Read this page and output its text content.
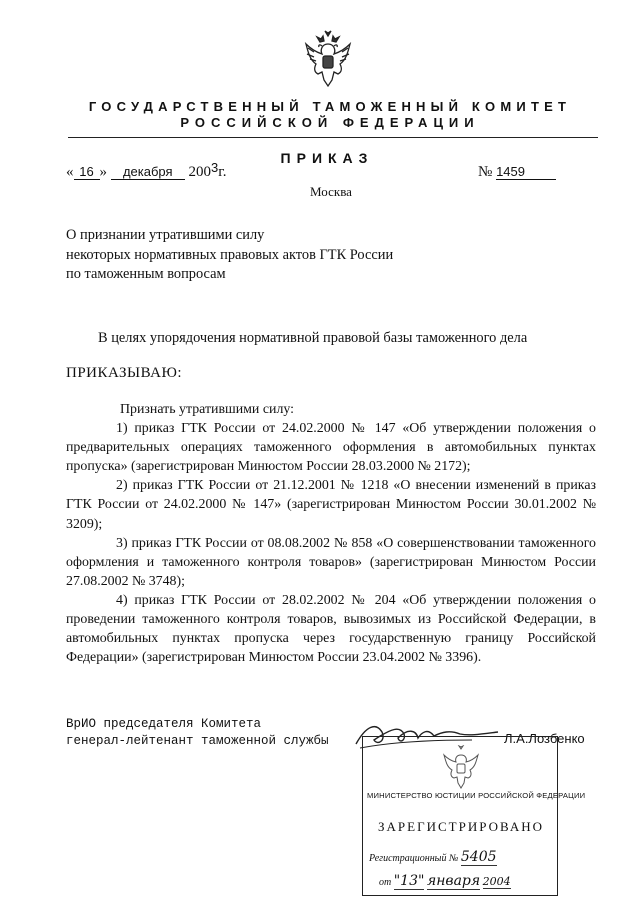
ГОСУДАРСТВЕННЫЙ ТАМОЖЕННЫЙ КОМИТЕТ
РОССИЙСКОЙ ФЕДЕРАЦИИ
ПРИКАЗ
« 16 » декабря 2003г.	№ 1459
Москва
О признании утратившими силу
некоторых нормативных правовых актов ГТК России
по таможенным вопросам
В целях упорядочения нормативной правовой базы таможенного дела
ПРИКАЗЫВАЮ:

Признать утратившими силу:

1) приказ ГТК России от 24.02.2000 № 147 «Об утверждении положения о предварительных операциях таможенного оформления в автомобильных пунктах пропуска» (зарегистрирован Минюстом России 28.03.2000 № 2172);

2) приказ ГТК России от 21.12.2001 № 1218 «О внесении изменений в приказ ГТК России от 24.02.2000 № 147» (зарегистрирован Минюстом России 30.01.2002 № 3209);

3) приказ ГТК России от 08.08.2002 № 858 «О совершенствовании таможенного оформления и таможенного контроля товаров» (зарегистрирован Минюстом России 27.08.2002 № 3748);

4) приказ ГТК России от 28.02.2002 № 204 «Об утверждении положения о проведении таможенного контроля товаров, вывозимых из Российской Федерации, в автомобильных пунктах пропуска через государственную границу Российской Федерации» (зарегистрирован Минюстом России 23.04.2002 № 3396).

ВрИО председателя Комитета
генерал-лейтенант таможенной службы	Л.А.Лозбенко
МИНИСТЕРСТВО ЮСТИЦИИ РОССИЙСКОЙ ФЕДЕРАЦИИ
ЗАРЕГИСТРИРОВАНО
Регистрационный № 5405
от "13" января 2004
